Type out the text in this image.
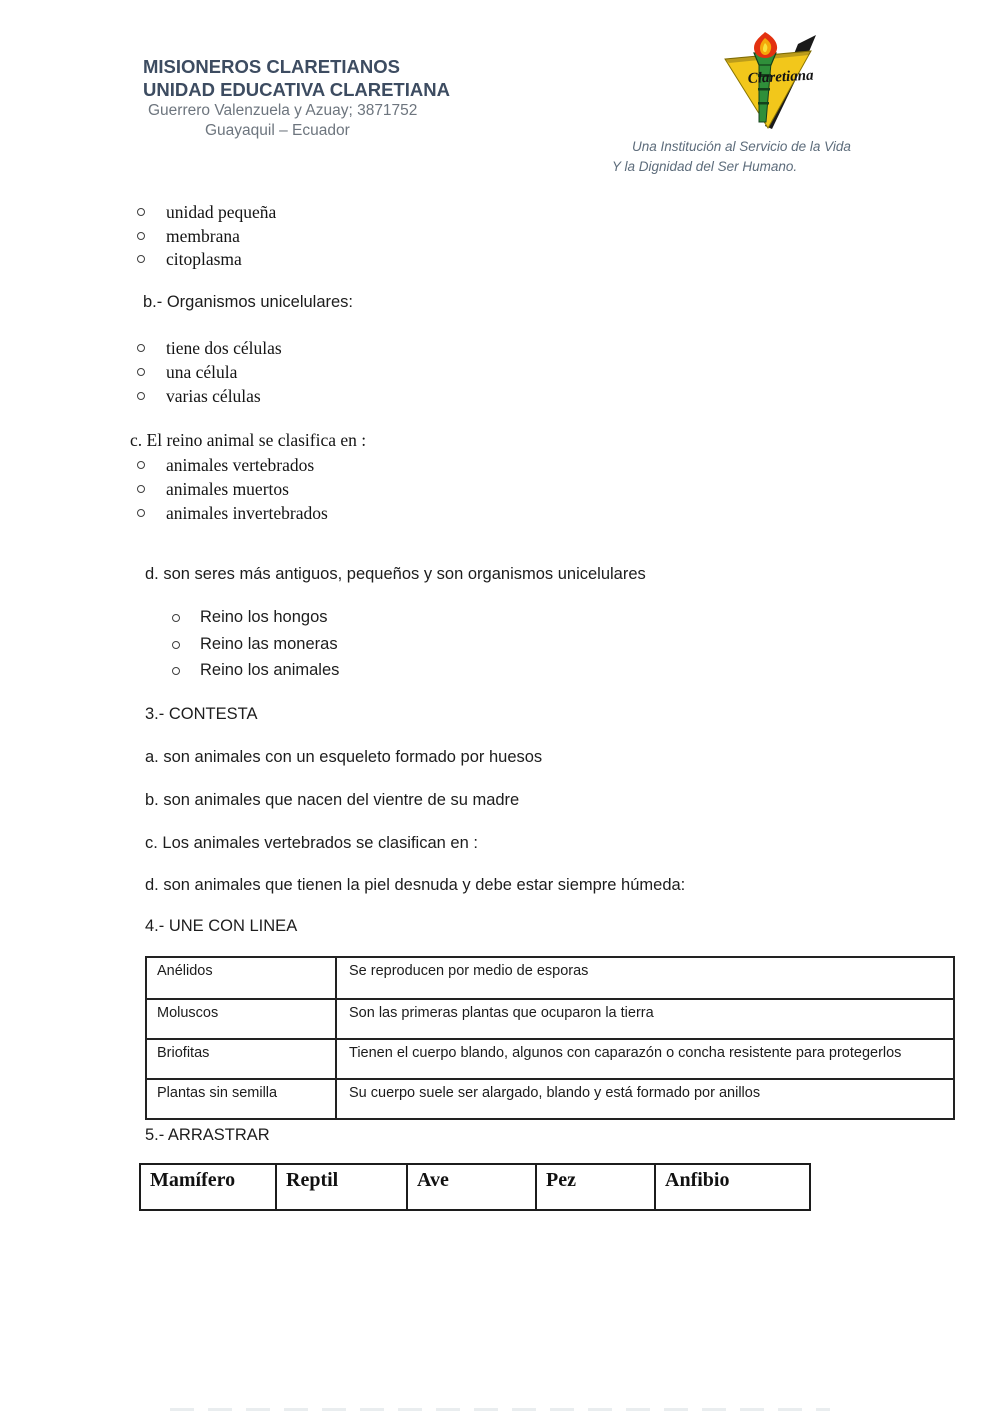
MISIONEROS CLARETIANOS
UNIDAD EDUCATIVA CLARETIANA
Guerrero Valenzuela y Azuay; 3871752
Guayaquil – Ecuador
Claretiana
Una Institución al Servicio de la Vida
Y la Dignidad del Ser Humano.
unidad pequeña
membrana
citoplasma
b.- Organismos unicelulares:
tiene dos células
una célula
varias células
c. El reino animal se clasifica en :
animales vertebrados
animales muertos
animales invertebrados
d. son seres más antiguos, pequeños y son organismos unicelulares
Reino los hongos
Reino las moneras
Reino los animales
3.- CONTESTA
a. son animales con un esqueleto formado por huesos
b. son animales que nacen del vientre de su madre
c. Los animales vertebrados se clasifican en :
d. son animales que tienen la piel desnuda y debe estar siempre húmeda:
4.- UNE CON LINEA
Anélidos	Se reproducen por medio de esporas
Moluscos	Son las primeras plantas que ocuparon la tierra
Briofitas	Tienen el cuerpo blando, algunos con caparazón o concha resistente para protegerlos
Plantas sin semilla	Su cuerpo suele ser alargado, blando y está formado por anillos
5.- ARRASTRAR
Mamífero	Reptil	Ave	Pez	Anfibio
